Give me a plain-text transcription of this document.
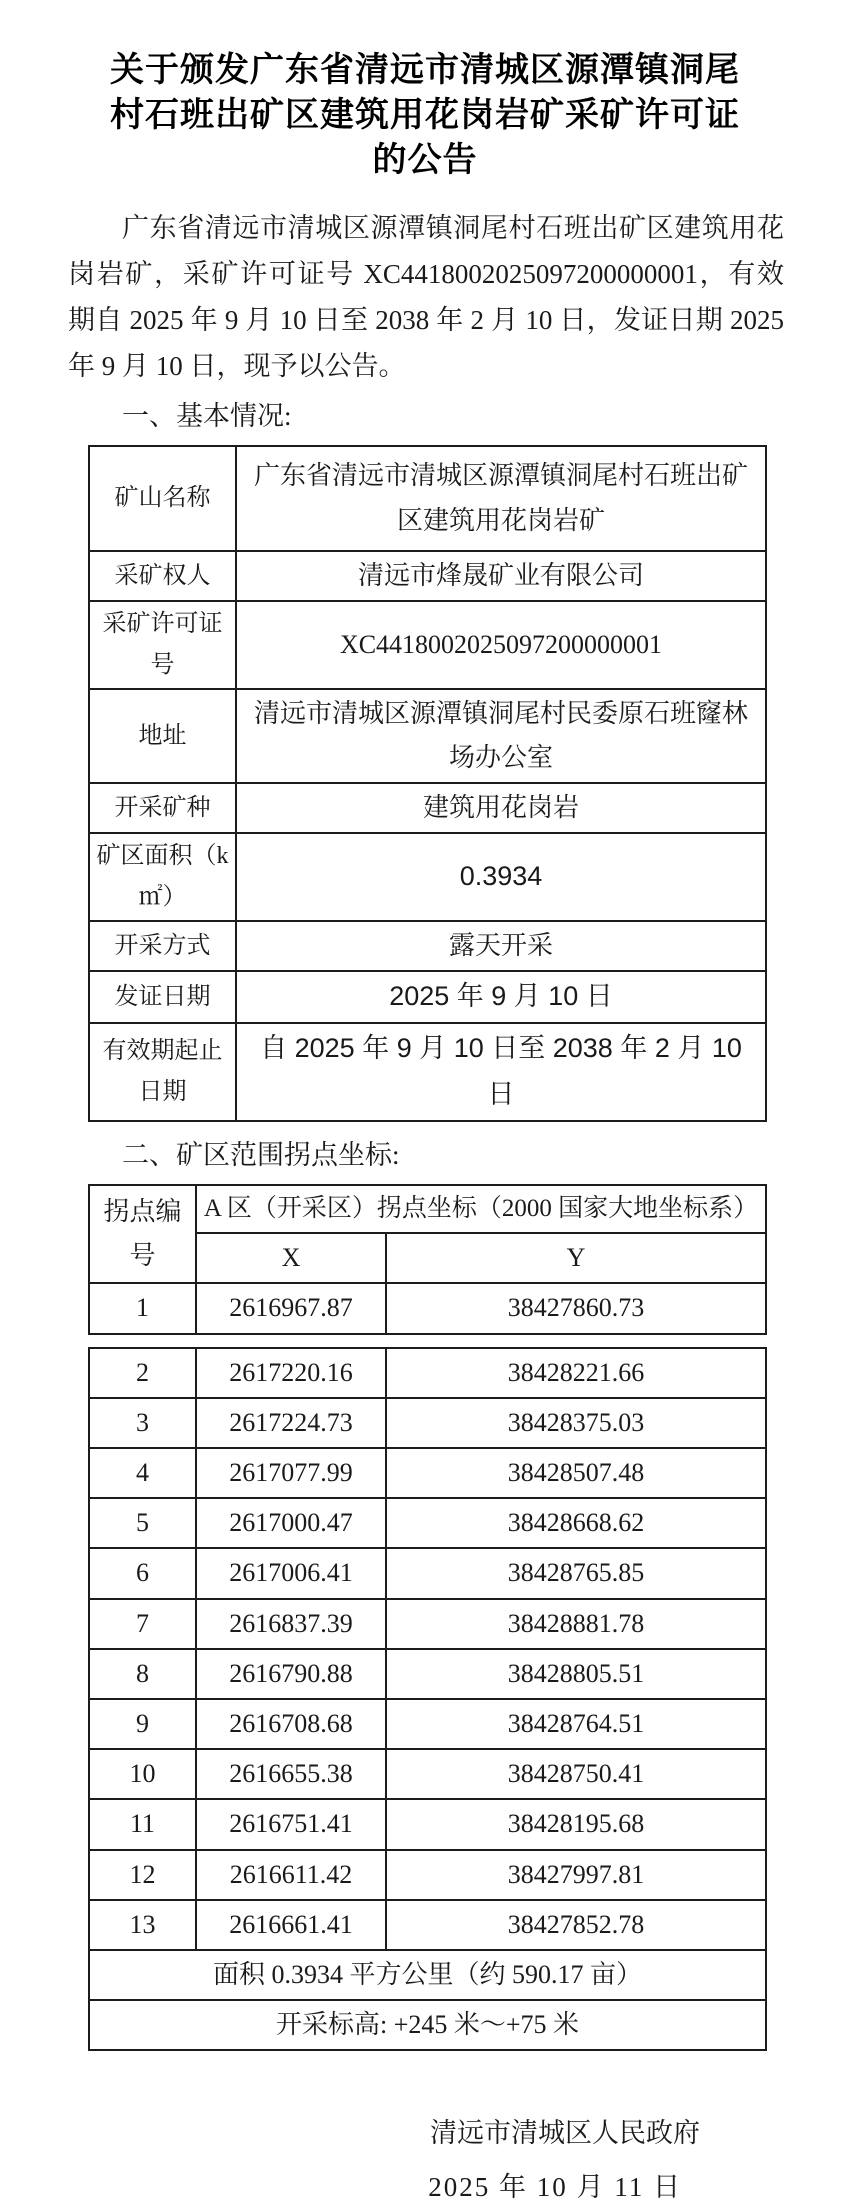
关于颁发广东省清远市清城区源潭镇洞尾
村石班岀矿区建筑用花岗岩矿采矿许可证
的公告

广东省清远市清城区源潭镇洞尾村石班岀矿区建筑用花岗岩矿，采矿许可证号 XC4418002025097200000001，有效期自 2025 年 9 月 10 日至 2038 年 2 月 10 日，发证日期 2025 年 9 月 10 日，现予以公告。

一、基本情况:

矿山名称	广东省清远市清城区源潭镇洞尾村石班岀矿区建筑用花岗岩矿
采矿权人	清远市烽晟矿业有限公司
采矿许可证号	XC4418002025097200000001
地址	清远市清城区源潭镇洞尾村民委原石班窿林场办公室
开采矿种	建筑用花岗岩
矿区面积（k㎡）	0.3934
开采方式	露天开采
发证日期	2025 年 9 月 10 日
有效期起止日期	自 2025 年 9 月 10 日至 2038 年 2 月 10 日

二、矿区范围拐点坐标:

拐点编号	A 区（开采区）拐点坐标（2000 国家大地坐标系）	
	X	Y
1	2616967.87	38427860.73
2	2617220.16	38428221.66
3	2617224.73	38428375.03
4	2617077.99	38428507.48
5	2617000.47	38428668.62
6	2617006.41	38428765.85
7	2616837.39	38428881.78
8	2616790.88	38428805.51
9	2616708.68	38428764.51
10	2616655.38	38428750.41
11	2616751.41	38428195.68
12	2616611.42	38427997.81
13	2616661.41	38427852.78
面积 0.3934 平方公里（约 590.17 亩）		
开采标高: +245 米～+75 米		
清远市清城区人民政府
2025 年 10 月 11 日
